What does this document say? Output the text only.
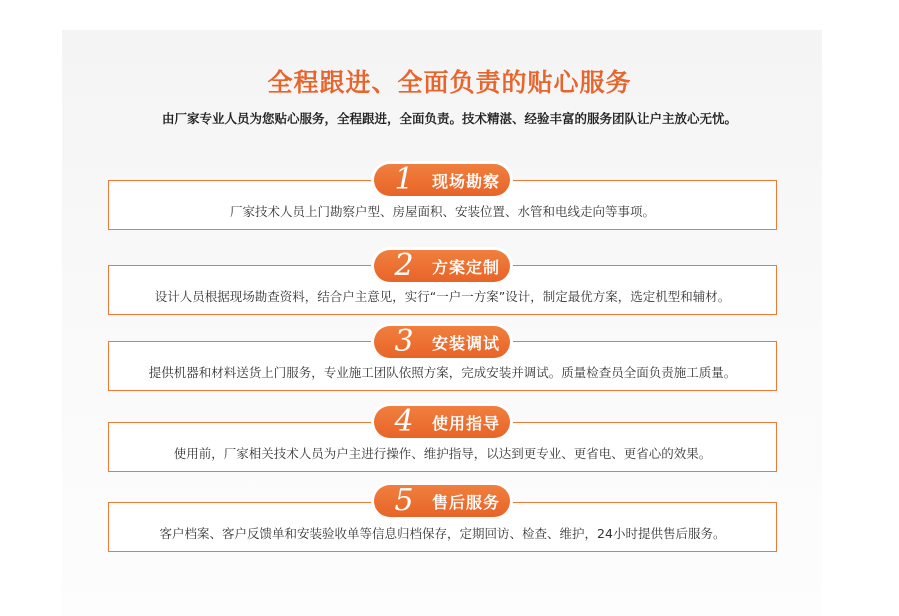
全程跟进、全面负责的贴心服务
由厂家专业人员为您贴心服务，全程跟进，全面负责。技术精湛、经验丰富的服务团队让户主放心无忧。
厂家技术人员上门勘察户型、房屋面积、安装位置、水管和电线走向等事项。
1	现场勘察
设计人员根据现场勘查资料，结合户主意见，实行“一户一方案”设计，制定最优方案，选定机型和辅材。
2	方案定制
提供机器和材料送货上门服务，专业施工团队依照方案，完成安装并调试。质量检查员全面负责施工质量。
3	安装调试
使用前，厂家相关技术人员为户主进行操作、维护指导，以达到更专业、更省电、更省心的效果。
4	使用指导
客户档案、客户反馈单和安装验收单等信息归档保存，定期回访、检查、维护，24小时提供售后服务。
5	售后服务
